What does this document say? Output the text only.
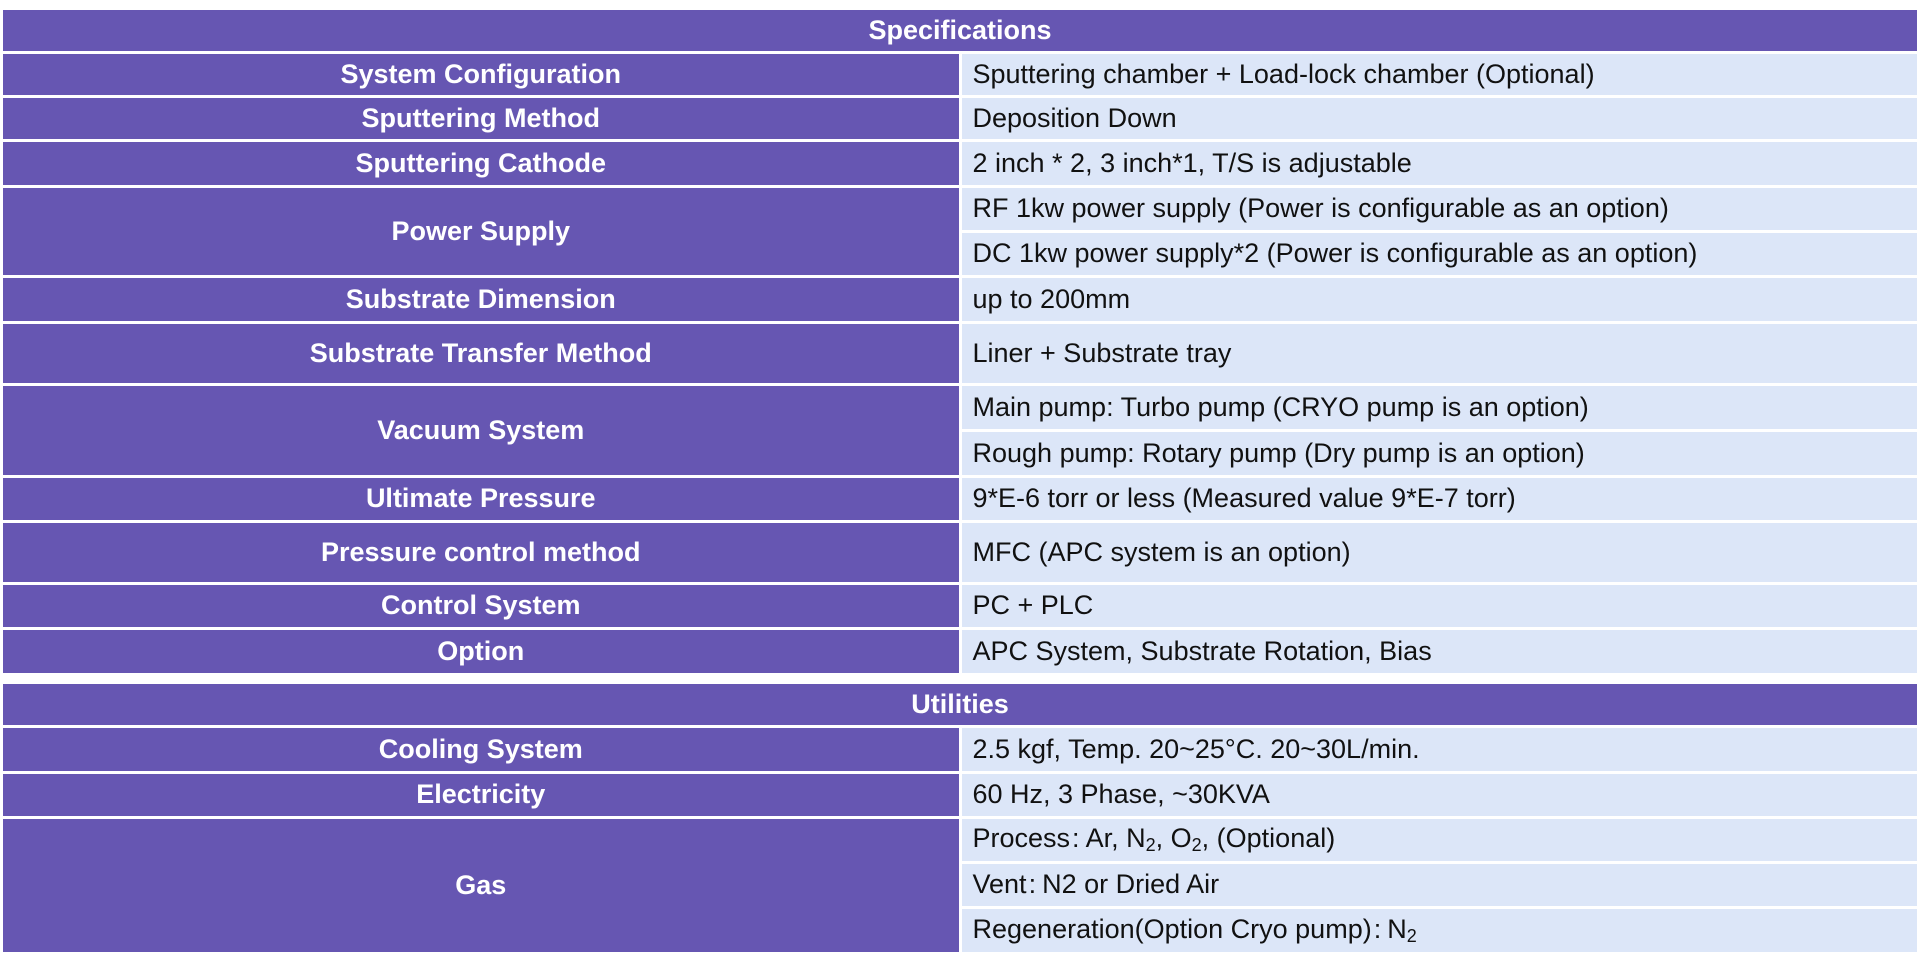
Specifications	
System Configuration	Sputtering chamber + Load-lock chamber (Optional)
Sputtering Method	Deposition Down
Sputtering Cathode	2 inch * 2, 3 inch*1, T/S is adjustable
Power Supply	RF 1kw power supply (Power is configurable as an option)
	DC 1kw power supply*2 (Power is configurable as an option)
Substrate Dimension	up to 200mm
Substrate Transfer Method	Liner + Substrate tray
Vacuum System	Main pump: Turbo pump (CRYO pump is an option)
	Rough pump: Rotary pump (Dry pump is an option)
Ultimate Pressure	9*E-6 torr or less (Measured value 9*E-7 torr)
Pressure control method	MFC (APC system is an option)
Control System	PC + PLC
Option	APC System, Substrate Rotation, Bias

Utilities	
Cooling System	2.5 kgf, Temp. 20~25°C. 20~30L/min.
Electricity	60 Hz, 3 Phase, ~30KVA
Gas	Process: Ar, $N_2$, $O_2$, (Optional)
	Vent: N2 or Dried Air
	Regeneration(Option Cryo pump): $N_2$
